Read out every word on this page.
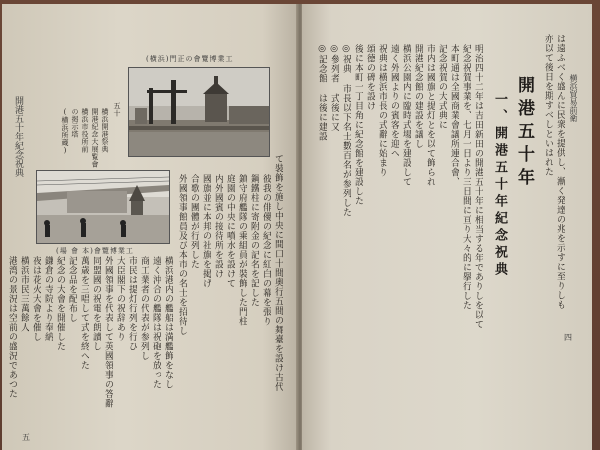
開港五十年紀念祝典
五
(横浜)門正の會覽博業工
(場 會 本)會覽博業工
五十
横浜開港祭典
開港紀念大展覧會
横浜市役所前
の掲示塔
(横浜所蔵)
て裝飾を施し中央に間口十間奧行五間の舞臺を設け古代
彼我の俳優の紀念に紅白の幕を張り
鋼鐵柱に寄附金の記名を記した
鎮守府艦隊の乘組員が裝飾した門柱
庭園の中央に噴水を設けて
内外國賓の接待所を設け
國旗並に本邦の社旗を掲げ
合歌の團體が行列した
外國領事館員及び本市の名士を招待し
横浜港内の艦船は満艦飾をなし
遠く沖合の艦隊は祝砲を放った
商工業者の代表が参列し
市民は提灯行列を行ひ
大臣閣下の祝辞あり
外國領事を代表して英國領事の答辭
同盟國の祝電を朗讀し
萬歳を三唱して式を終へた
記念品を配布し
紀念の大會を開催した
鎌倉の寺院より奉納
夜は花火大會を催し
横浜市民三萬餘人
港湾の景況は空前の盛況であつた
横浜貿易前衛
四
は遠ふべく盛んに民衆を提供し、漸く発達の兆を示すに至りしも
亦以て後日を期すべしといはれた
開港五十年
一、開港五十年紀念祝典
明治四十二年は吉田新田の開港五十年に相当する年でありしを以て
紀念祝賀事業を、七月一日より三日間に亘り大々的に擧行した
本町通は全國商業會議所連合會、
記念祝賀の大式典に
市内は國旗と提灯とを以て飾られ
開港紀念館の建設を議し
横浜公園内に臨時式場を建設して
遠く外國よりの賓客を迎へ
祝典は横浜市長の式辭に始まり
頌德の碑を設け
後に本町一丁目角に紀念館を建設した
◎祝典 市長以下名士數百名が参列した
◎參列者 式後に又
◎記念館 は後に建設
